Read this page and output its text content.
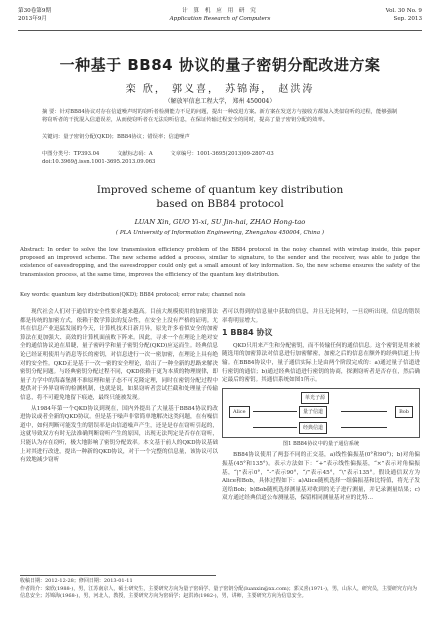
第30卷第9期
2013年9月
计 算 机 应 用 研 究
Application Research of Computers
Vol. 30 No. 9
Sep. 2013
一种基于 BB84 协议的量子密钥分配改进方案
栾 欣， 郭义喜， 苏锦海， 赵洪涛
（解放军信息工程大学， 郑州 450004）
摘 要：针对BB84协议对存在信道噪声时的窃听者检测能力不足的问题，提出一种改进方案。新方案在发送方与接收方都加入类似窃听的过程，能够强制将窃听者的干扰混入信道误差，从而使窃听者在无法窃听信息，在保证传输过程安全的同时，提高了量子密钥分配的效率。
关键词：量子密钥分配(QKD)；BB84协议；错误率；信道噪声
中图分类号：TP393.04	文献标志码：A	文章编号：1001-3695(2013)09-2807-03
doi:10.3969/j.issn.1001-3695.2013.09.063
Improved scheme of quantum key distribution
based on BB84 protocol
LUAN Xin, GUO Yi-xi, SU Jin-hai, ZHAO Hong-tao
( PLA University of Information Engineering, Zhengzhou 450004, China )
Abstract: In order to solve the low transmission efficiency problem of the BB84 protocol in the noisy channel with wiretap inside, this paper proposed an improved scheme. The new scheme added a process, similar to signature, to the sender and the receiver, was able to judge the existence of eavesdropping, and the eavesdropper could only get a small amount of key information. So, the new scheme ensures the safety of the transmission process, at the same time, improves the efficiency of the quantum key distribution.
Key words: quantum key distribution(QKD); BB84 protocol; error rate; channel nois

现代社会人们对于通信的安全性要求越来越高。目前大规模使用的加密算法都是传统的加密方式，依赖于数学算法的复杂性，在安全上没有严格的证明。尤其在信息产业迅猛发展的今天，计算机技术日新月异，原先许多看似安全的加密算法在更加强大、高效的计算机面前败下阵来。因此，寻求一个在理论上绝对安全的通信协议迫在眉睫，量子密码学和量子密钥分配(QKD)应运而生。经典信息论已经证明使用与消息等长的密钥，对信息进行一次一密加密，在理论上具有绝对的安全性。QKD正是基于一次一密的安全理论，给出了一种全新的思路来解决密钥分配问题。与经典密钥分配过程不同，QKD依赖于更为本质的物理规律，即量子力学中的海森堡测不准原理和量子态不可克隆定理，同时在密钥分配过程中提供对于外界窃听的检测机制，也就是说，如果窃听者尝试拦截和处理量子传输信息，将不可避免地留下痕迹，最终只能被发现。

从1984年第一个QKD协议到现在，国内外提出了大量基于BB84协议的改进协议或者全新的QKD协议。但是基于噪声非常简单地解决这类问题，在有噪信道中，如何判断可能发生的错误率是由信道噪声产生，还是是存在窃听引起的，这就导致双方有时无法准确判断窃听产生的原因，出现无法判定是否存在窃听，只能认为存在窃听，极大地影响了密钥分配效率。本文基于前人的QKD协议基础上对其进行改进，提出一种新的QKD协议，对于一个完整的信息量，该协议可以有效地减少窃听

者可以得到的信息量中获取的信息，并且无论何时，一旦窃听出现，信息的错误率将明显增大。

1 BB84 协议

QKD只用来产生和分配密钥，而不传输任何的通信信息。这个密钥是用来被随选用的加密算法对信息进行加密解密，加密之后的信息在额外的经典信道上传输。在BB84协议中，量子通信实际上是由两个阶段完成的：a)通过量子信道进行密钥的通信；b)通过经典信道进行密钥的协商，探测窃听者是否存在，然后确定最后的密钥。其通信系统如图1所示。

单光子源
Alice	Bob
量子信道
经典信道
图1 BB84协议中的量子通信系统

BB84协议使用了两套不同的正交基，a)线性偏振基(0°和90°)；b)对角偏振基(45°和135°)。表示方法如下：“+”表示线性偏振基，“×”表示对角偏振基，“|”表示0°，“-”表示90°，“/”表示45°，“\”表示135°。假设通信双方为Alice和Bob，具体过程如下：a)Alice随机选择一组偏振基和比特值，将光子发送给Bob；b)Bob随机选择测量基对收到的光子进行测量，并记录测量结果；c)双方通过经典信道公布测量基，保留相同测量基对应的比特…

收稿日期：2012-12-28；修回日期：2013-01-11
作者简介：栾欣(1988-)，男，江苏南京人，硕士研究生，主要研究方向为量子密码学、量子密钥分配(luanxin@xx.com)；郭义喜(1971-)，男，山东人，研究员，主要研究方向为信息安全；苏锦海(1968-)，男，河北人，教授，主要研究方向为密码学；赵洪涛(1982-)，男，讲师，主要研究方向为信息安全。
